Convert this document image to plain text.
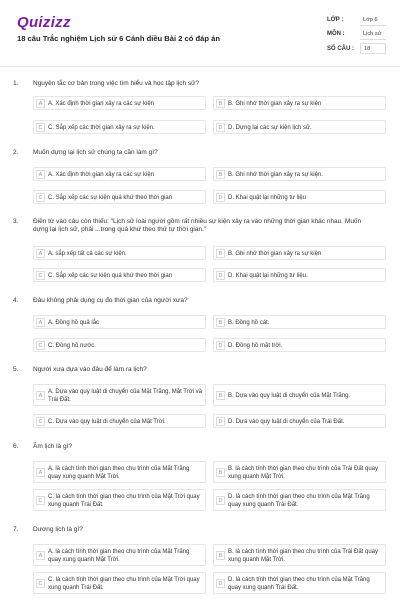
Quizizz
18 câu Trắc nghiệm Lịch sử 6 Cánh diều Bài 2 có đáp án
LỚP :	Lớp 6
MÔN :	Lịch sử
SỐ CÂU :	18
1. Nguyên tắc cơ bản trong việc tìm hiểu và học tập lịch sử?
A A. Xác định thời gian xảy ra các sự kiện	B B. Ghi nhớ thời gian xảy ra sự kiện
C C. Sắp xếp các thời gian xảy ra sự kiện.	D D. Dựng lại các sự kiện lịch sử.
2. Muốn dựng lại lịch sử chúng ta cần làm gì?
A A. Xác định thời gian xảy ra các sự kiện	B B. Ghi nhớ thời gian xảy ra sự kiện.
C C. Sắp xếp các sự kiện quá khứ theo thời gian	D D. Khai quật lại những tư liệu
3. Điền từ vào câu còn thiếu: "Lịch sử loài người gồm rất nhiều sự kiện xảy ra vào những thời gian khác nhau. Muốn dựng lại lịch sử, phải ...trong quá khứ theo thứ tự thời gian."
A A. sắp xếp tất cả các sự kiện.	B B. Ghi nhớ thời gian xảy ra sự kiện
C C. Sắp xếp các sự kiện quá khứ theo thời gian	D D. Khai quật lại những tư liệu.
4. Đâu không phải dụng cụ đo thời gian của người xưa?
A A. Đồng hồ quả lắc	B B. Đồng hồ cát.
C C. Đồng hồ nước.	D D. Đồng hồ mặt trời.
5. Người xưa dựa vào đâu để làm ra lịch?
A
A. Dựa vào quy luật di chuyển của Mặt Trăng, Mặt Trời và Trái Đất.
B B. Dựa vào quy luật di chuyển của Mặt Trăng.
C C. Dựa vào quy luật di chuyển của Mặt Trời.	D D. Dựa vào quy luật di chuyển của Trái Đất.
6. Âm lịch là gì?
A
A. là cách tính thời gian theo chu trình của Mặt Trăng quay xung quanh Mặt Trời.
B
B. là cách tính thời gian theo chu trình của Trái Đất quay xung quanh Mặt Trời.
C
C. là cách tính thời gian theo chu trình của Mặt Trời quay xung quanh Trái Đất.
D
D. là cách tính thời gian theo chu trình của Mặt Trăng quay xung quanh Trái Đất.
7. Dương lịch là gì?
A
A. là cách tính thời gian theo chu trình của Mặt Trăng quay xung quanh Mặt Trời.
B
B. là cách tính thời gian theo chu trình của Trái Đất quay xung quanh Mặt Trời.
C
C. là cách tính thời gian theo chu trình của Mặt Trời quay xung quanh Trái Đất.
D
D. là cách tính thời gian theo chu trình của Mặt Trăng quay xung quanh Trái Đất.
